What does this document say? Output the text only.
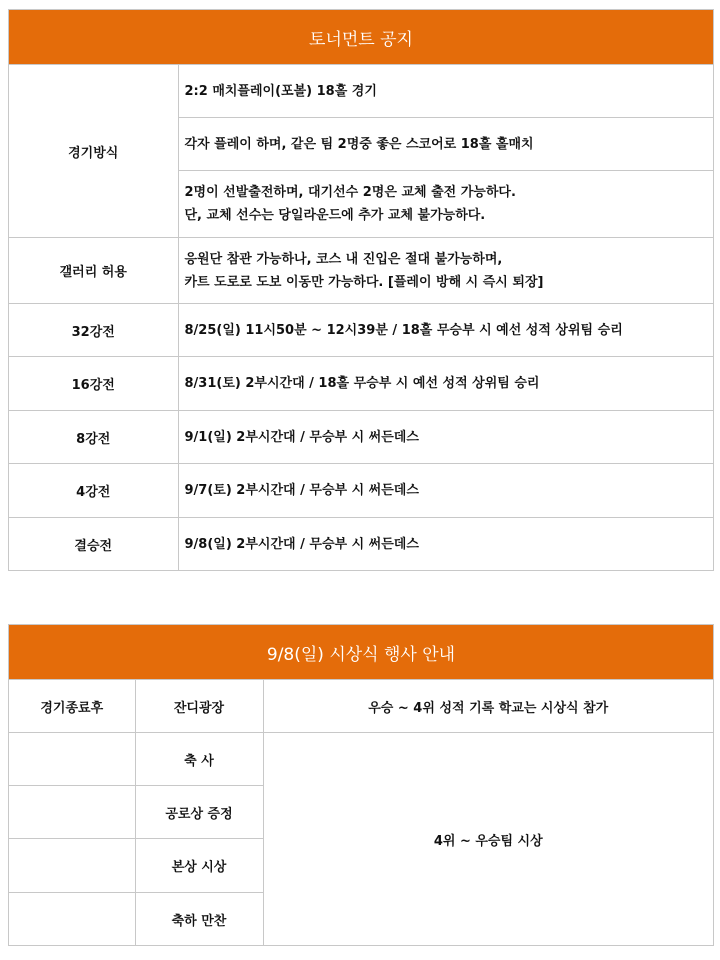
토너먼트 공지
경기방식	2:2 매치플레이(포볼) 18홀 경기

	각자 플레이 하며, 같은 팀 2명중 좋은 스코어로 18홀 홀매치

	2명이 선발출전하며, 대기선수 2명은 교체 출전 가능하다.
단, 교체 선수는 당일라운드에 추가 교체 불가능하다.

갤러리 허용	응원단 참관 가능하나, 코스 내 진입은 절대 불가능하며,
카트 도로로 도보 이동만 가능하다. [플레이 방해 시 즉시 퇴장]

32강전	8/25(일) 11시50분 ~ 12시39분 / 18홀 무승부 시 예선 성적 상위팀 승리

16강전	8/31(토) 2부시간대 / 18홀 무승부 시 예선 성적 상위팀 승리

8강전	9/1(일) 2부시간대 / 무승부 시 써든데스

4강전	9/7(토) 2부시간대 / 무승부 시 써든데스

결승전	9/8(일) 2부시간대 / 무승부 시 써든데스
9/8(일) 시상식 행사 안내
경기종료후	잔디광장	우승 ~ 4위 성적 기록 학교는 시상식 참가
	축 사	4위 ~ 우승팀 시상
	공로상 증정	
	본상 시상	
	축하 만찬	
